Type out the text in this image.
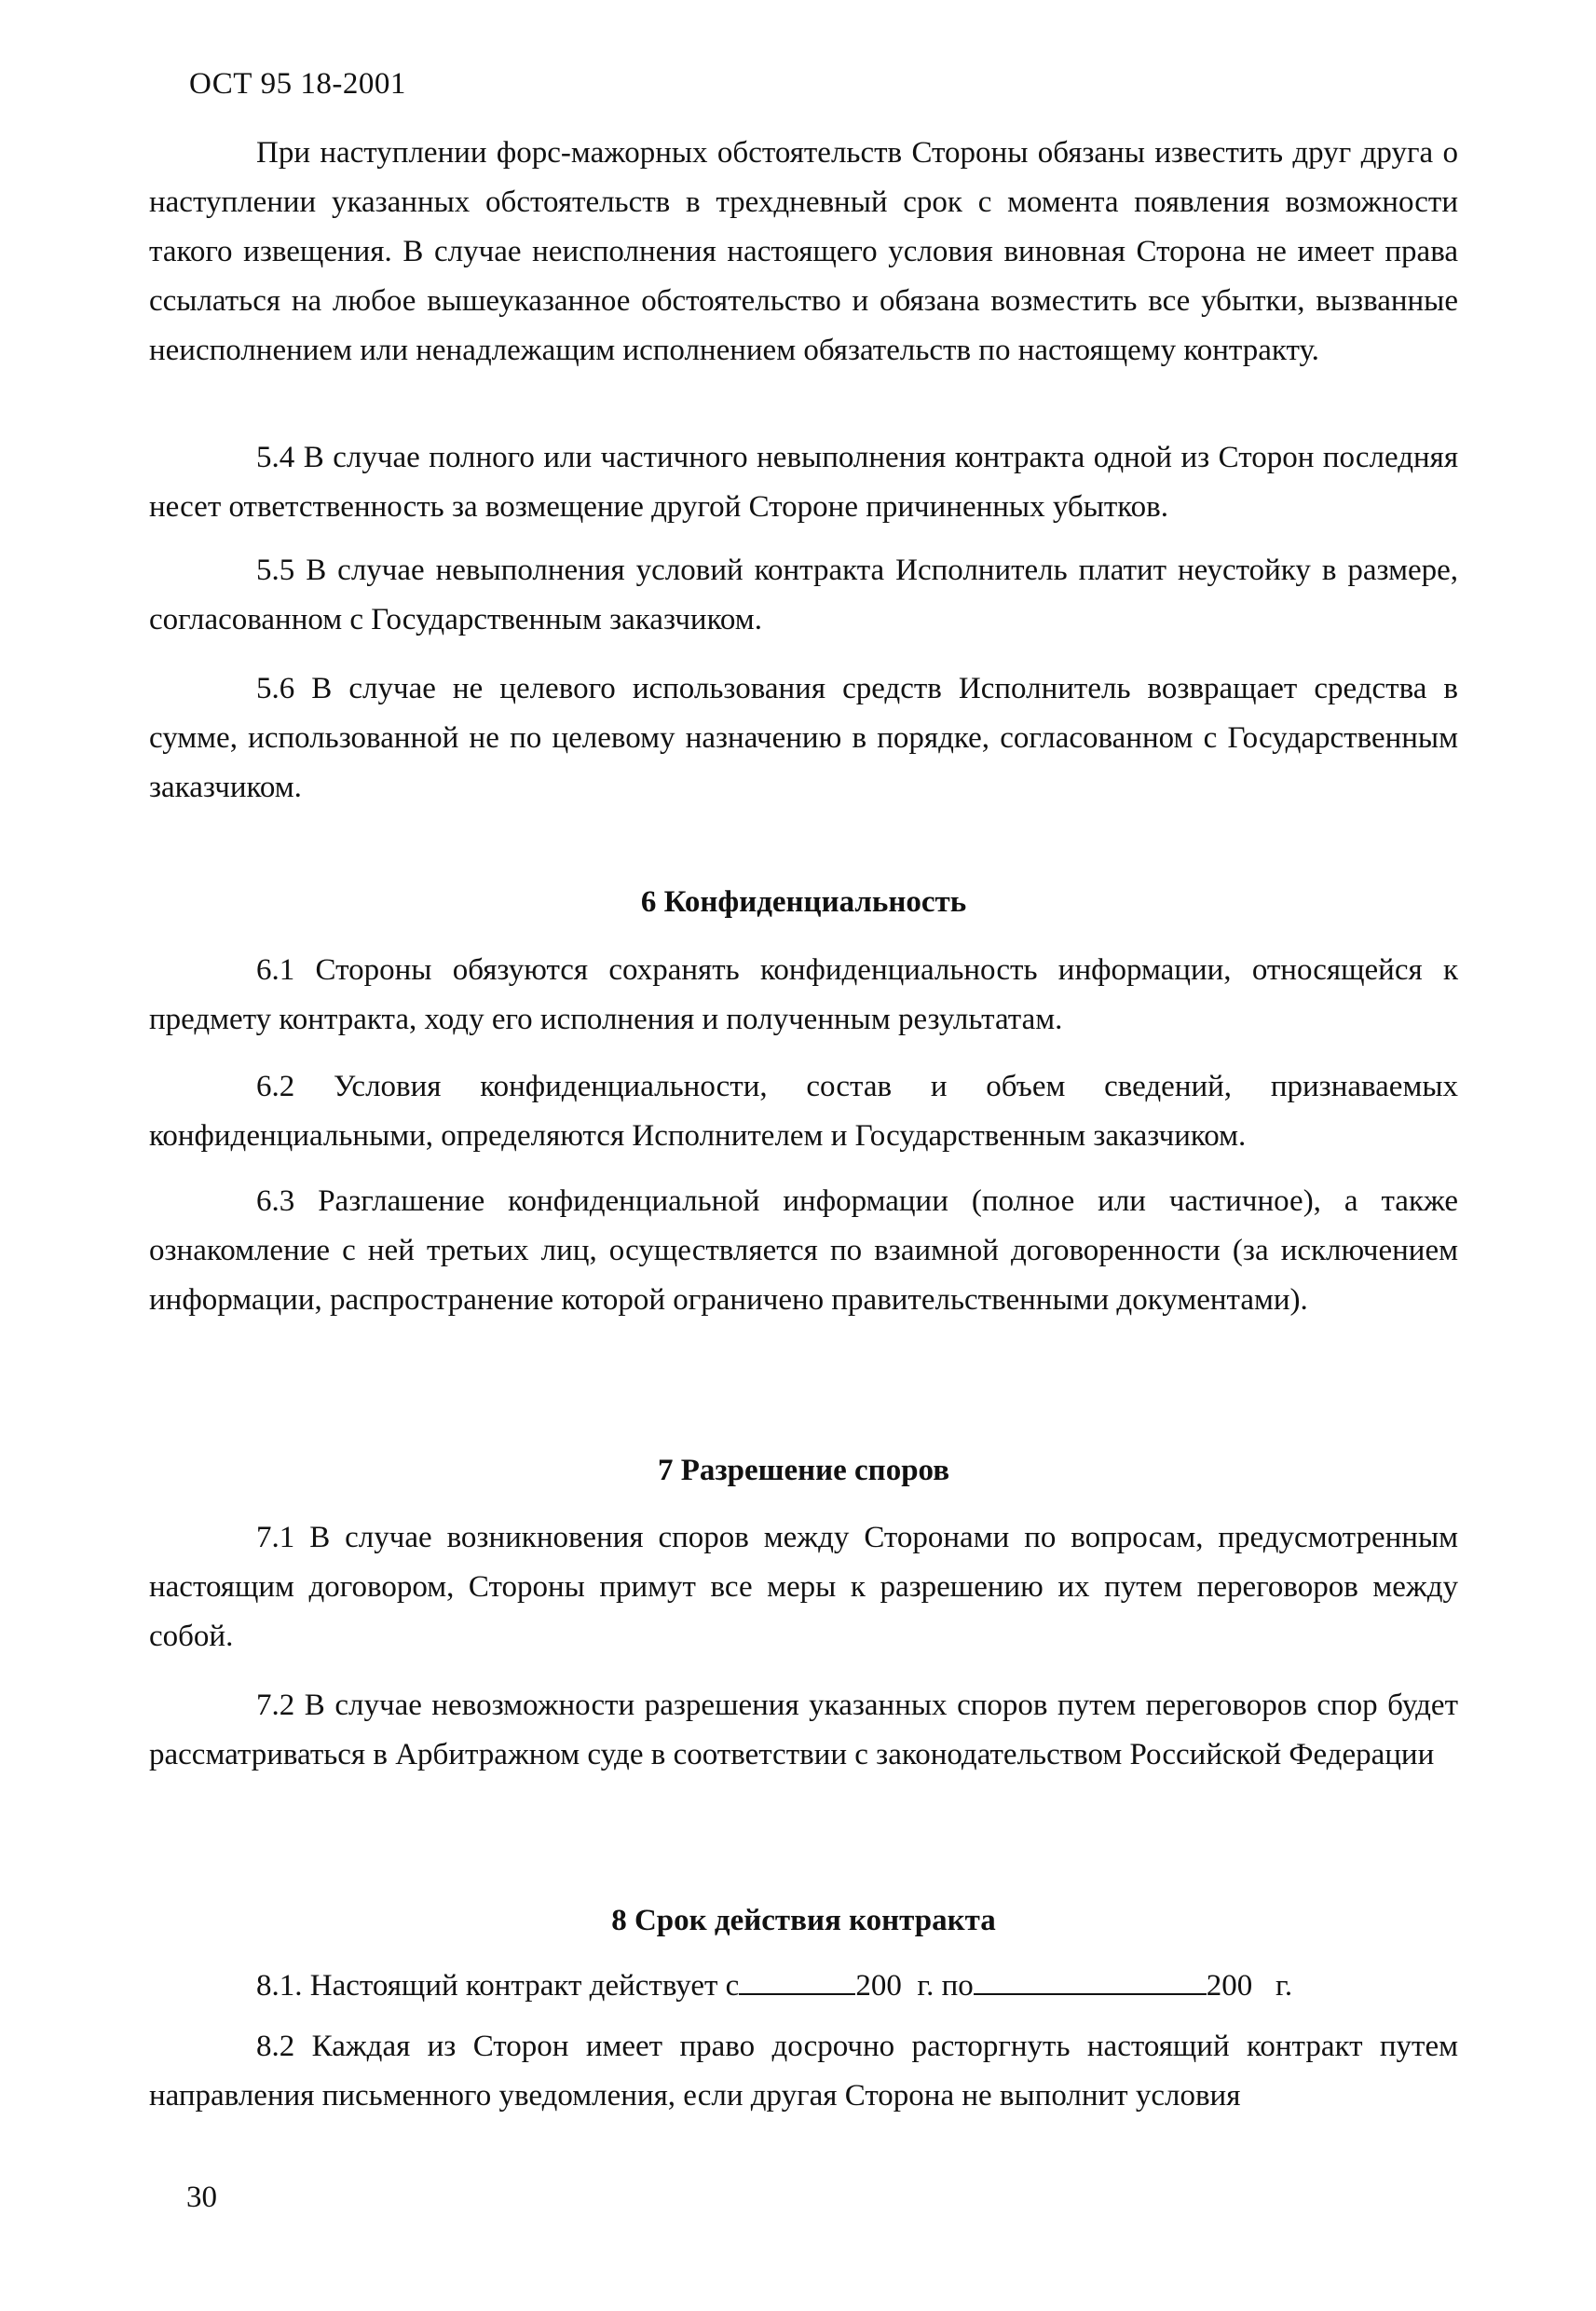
ОСТ 95 18-2001

При наступлении форс-мажорных обстоятельств Стороны обязаны известить друг друга о наступлении указанных обстоятельств в трехдневный срок с момента появления возможности такого извещения. В случае неисполнения настоящего условия виновная Сторона не имеет права ссылаться на любое вышеуказанное обстоятельство и обязана возместить все убытки, вызванные неисполнением или ненадлежащим исполнением обязательств по настоящему контракту.

5.4 В случае полного или частичного невыполнения контракта одной из Сторон последняя несет ответственность за возмещение другой Стороне причиненных убытков.

5.5 В случае невыполнения условий контракта Исполнитель платит неустойку в размере, согласованном с Государственным заказчиком.

5.6 В случае не целевого использования средств Исполнитель возвращает средства в сумме, использованной не по целевому назначению в порядке, согласованном с Государственным заказчиком.

6 Конфиденциальность

6.1 Стороны обязуются сохранять конфиденциальность информации, относящейся к предмету контракта, ходу его исполнения и полученным результатам.

6.2 Условия конфиденциальности, состав и объем сведений, признаваемых конфиденциальными, определяются Исполнителем и Государственным заказчиком.

6.3 Разглашение конфиденциальной информации (полное или частичное), а также ознакомление с ней третьих лиц, осуществляется по взаимной договоренности (за исключением информации, распространение которой ограничено правительственными документами).

7 Разрешение споров

7.1 В случае возникновения споров между Сторонами по вопросам, предусмотренным настоящим договором, Стороны примут все меры к разрешению их путем переговоров между собой.

7.2 В случае невозможности разрешения указанных споров путем переговоров спор будет рассматриваться в Арбитражном суде в соответствии с законодательством Российской Федерации

8 Срок действия контракта
8.1. Настоящий контракт действует с	200 г. по	200 г.

8.2 Каждая из Сторон имеет право досрочно расторгнуть настоящий контракт путем направления письменного уведомления, если другая Сторона не выполнит условия

30
